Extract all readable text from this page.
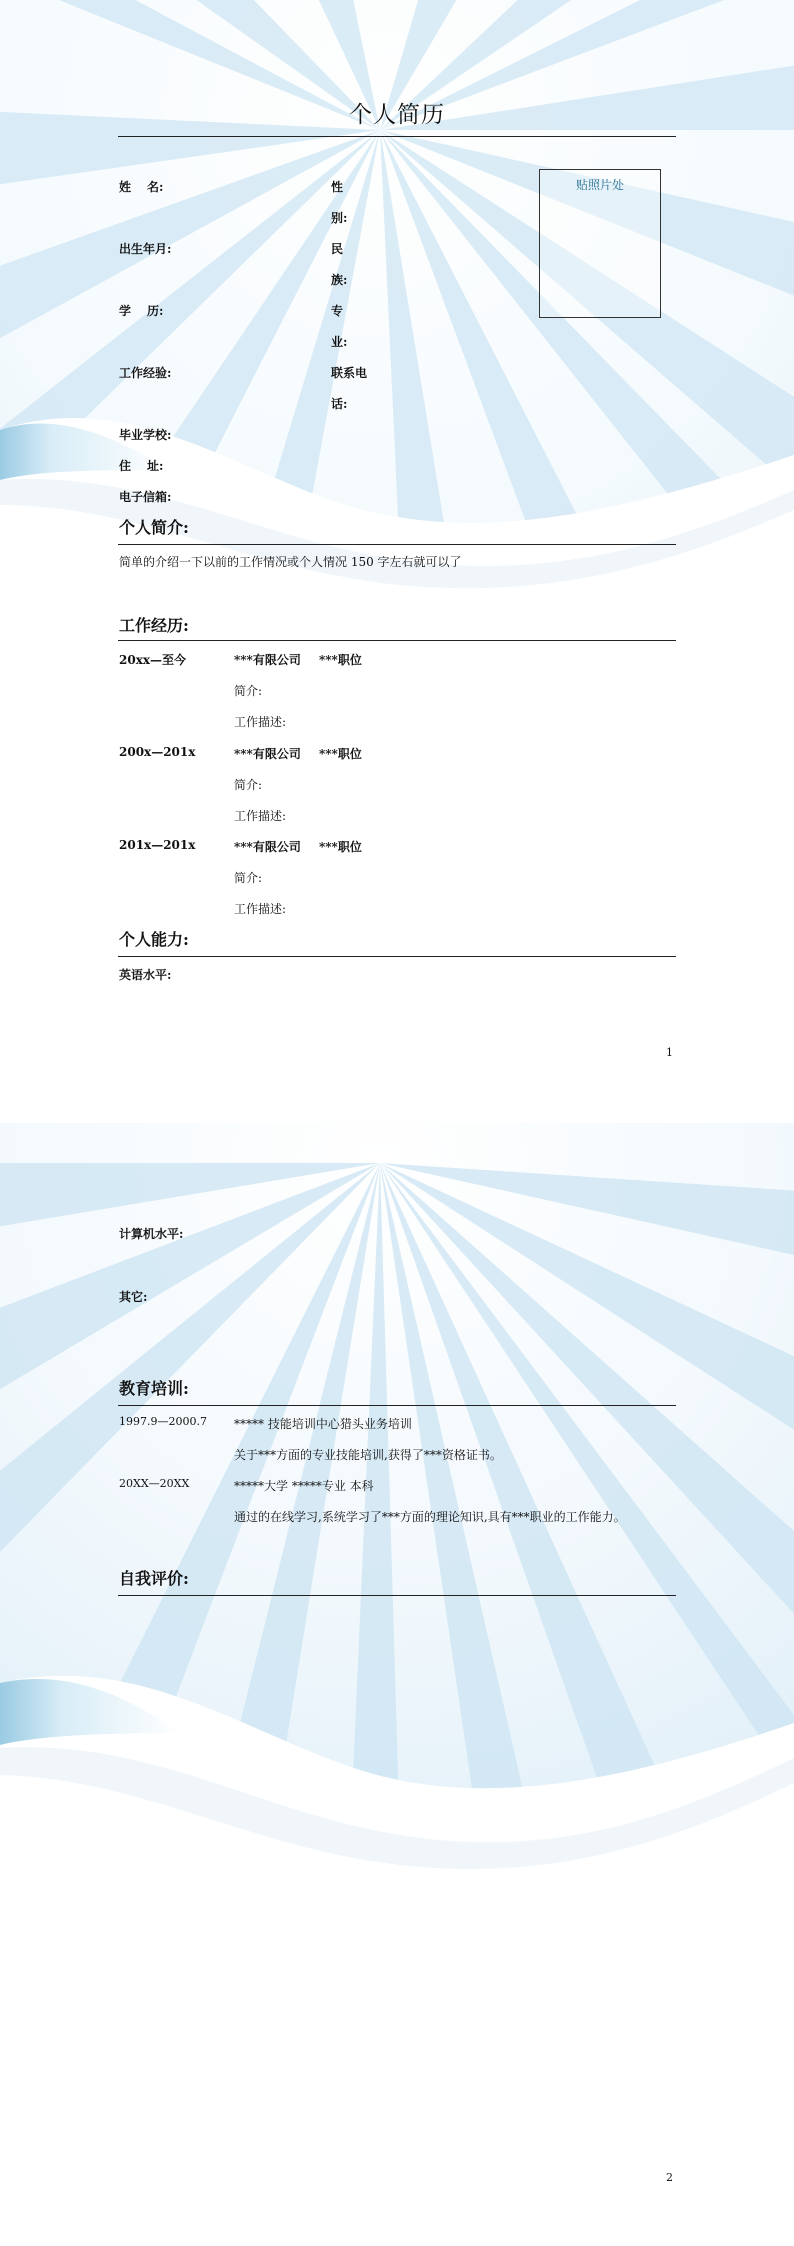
个人简历
姓名:
出生年月:
学历:
工作经验:
毕业学校:
住址:
电子信箱:
性
别:
民
族:
专
业:
联系电
话:
贴照片处
个人简介:
简单的介绍一下以前的工作情况或个人情况 150 字左右就可以了
工作经历:
20xx—至今	***有限公司 ***职位
简介:
工作描述:
200x—201x	***有限公司 ***职位
简介:
工作描述:
201x—201x	***有限公司 ***职位
简介:
工作描述:
个人能力:
英语水平:
1
计算机水平:
其它:
教育培训:
1997.9—2000.7 ***** 技能培训中心猎头业务培训
关于***方面的专业技能培训,获得了***资格证书。
20XX—20XX	*****大学 *****专业 本科
通过的在线学习,系统学习了***方面的理论知识,具有***职业的工作能力。
自我评价:
2
